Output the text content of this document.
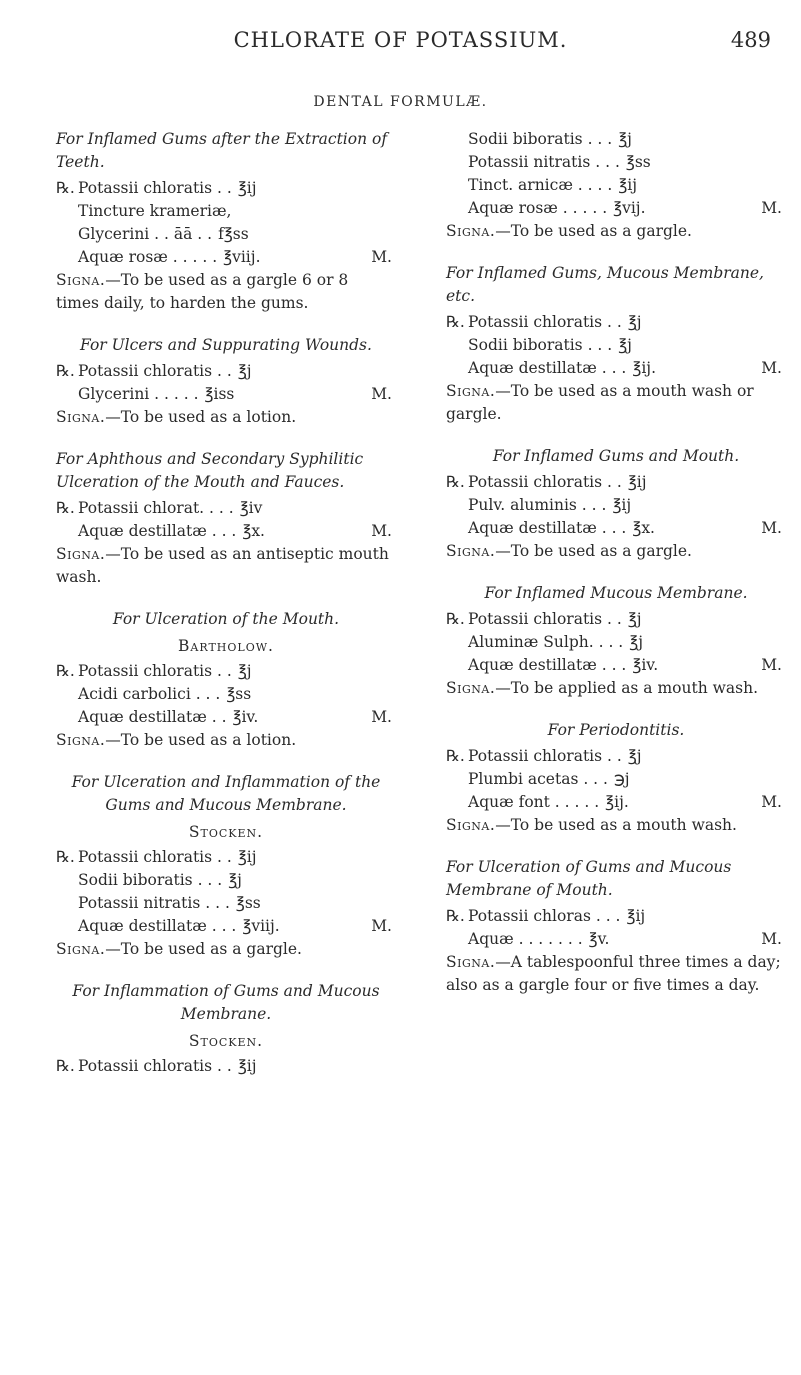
CHLORATE OF POTASSIUM.	489
DENTAL FORMULÆ.
For Inflamed Gums after the Extraction of Teeth.
℞. Potassii chloratis . . ℥ij
Tincture krameriæ,
Glycerini . . āā . . f℥ss
Aquæ rosæ . . . . . ℥viij.	M.
Signa.—To be used as a gargle 6 or 8 times daily, to harden the gums.
For Ulcers and Suppurating Wounds.
℞. Potassii chloratis . . ℥j
Glycerini . . . . . ℥iss	M.
Signa.—To be used as a lotion.
For Aphthous and Secondary Syphilitic Ulceration of the Mouth and Fauces.
℞. Potassii chlorat. . . . ℥iv
Aquæ destillatæ . . . ℥x.	M.
Signa.—To be used as an antiseptic mouth wash.
For Ulceration of the Mouth.
Bartholow.
℞. Potassii chloratis . . ℥j
Acidi carbolici . . . ℥ss
Aquæ destillatæ . . ℥iv.	M.
Signa.—To be used as a lotion.
For Ulceration and Inflammation of the Gums and Mucous Membrane.
Stocken.
℞. Potassii chloratis . . ℥ij
Sodii biboratis . . . ℥j
Potassii nitratis . . . ℥ss
Aquæ destillatæ . . . ℥viij.	M.
Signa.—To be used as a gargle.
For Inflammation of Gums and Mucous Membrane.
Stocken.
℞. Potassii chloratis . . ℥ij
Sodii biboratis . . . ℥j
Potassii nitratis . . . ℥ss
Tinct. arnicæ . . . . ℥ij
Aquæ rosæ . . . . . ℥vij.	M.
Signa.—To be used as a gargle.
For Inflamed Gums, Mucous Membrane, etc.
℞. Potassii chloratis . . ℥j
Sodii biboratis . . . ℥j
Aquæ destillatæ . . . ℥ij.	M.
Signa.—To be used as a mouth wash or gargle.
For Inflamed Gums and Mouth.
℞. Potassii chloratis . . ℥ij
Pulv. aluminis . . . ℥ij
Aquæ destillatæ . . . ℥x.	M.
Signa.—To be used as a gargle.
For Inflamed Mucous Membrane.
℞. Potassii chloratis . . ℥j
Aluminæ Sulph. . . . ℥j
Aquæ destillatæ . . . ℥iv.	M.
Signa.—To be applied as a mouth wash.
For Periodontitis.
℞. Potassii chloratis . . ℥j
Plumbi acetas . . . ℈j
Aquæ font . . . . . ℥ij.	M.
Signa.—To be used as a mouth wash.
For Ulceration of Gums and Mucous Membrane of Mouth.
℞. Potassii chloras . . . ℥ij
Aquæ . . . . . . . ℥v.	M.
Signa.—A tablespoonful three times a day; also as a gargle four or five times a day.
